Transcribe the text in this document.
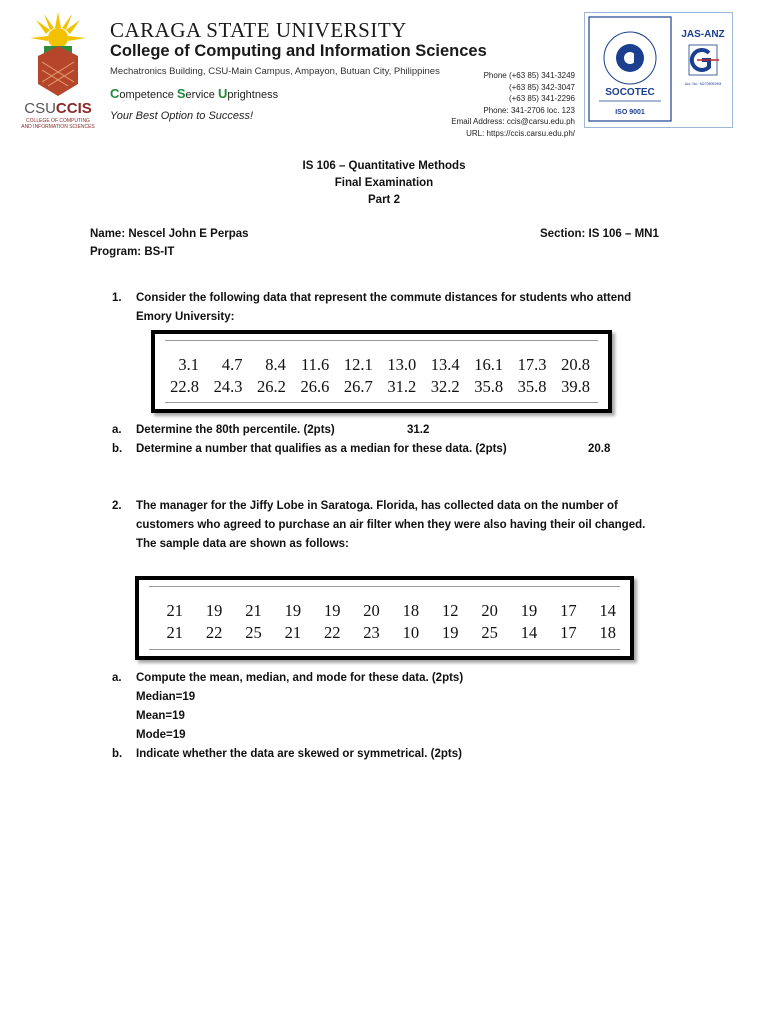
CSUCCIS
COLLEGE OF COMPUTING
AND INFORMATION SCIENCES
CARAGA STATE UNIVERSITY
College of Computing and Information Sciences
Mechatronics Building, CSU-Main Campus, Ampayon, Butuan City, Philippines
Competence Service Uprightness
Your Best Option to Success!
Phone (+63 85) 341-3249
(+63 85) 342-3047
(+63 85) 341-2296
Phone: 341-2706 loc. 123
Email Address: ccis@carsu.edu.ph
URL: https://ccis.carsu.edu.ph/
SOCOTEC
ISO 9001
JAS-ANZ
Acc. No.: M27080529M
IS 106 – Quantitative Methods
Final Examination
Part 2
Name: Nescel John E Perpas	Section: IS 106 – MN1
Program: BS-IT
1. Consider the following data that represent the commute distances for students who attend
Emory University:
3.1	4.7	8.4 11.6 12.1 13.0 13.4 16.1 17.3 20.8
22.8 24.3 26.2 26.6 26.7 31.2 32.2 35.8 35.8 39.8
a. Determine the 80th percentile. (2pts)	31.2
b. Determine a number that qualifies as a median for these data. (2pts)	20.8
2. The manager for the Jiffy Lobe in Saratoga. Florida, has collected data on the number of
customers who agreed to purchase an air filter when they were also having their oil changed.
The sample data are shown as follows:
21	19	21	19	19	20	18	12	20	19	17	14
21	22	25	21	22	23	10	19	25	14	17	18
a. Compute the mean, median, and mode for these data. (2pts)
Median=19
Mean=19
Mode=19
b. Indicate whether the data are skewed or symmetrical. (2pts)
